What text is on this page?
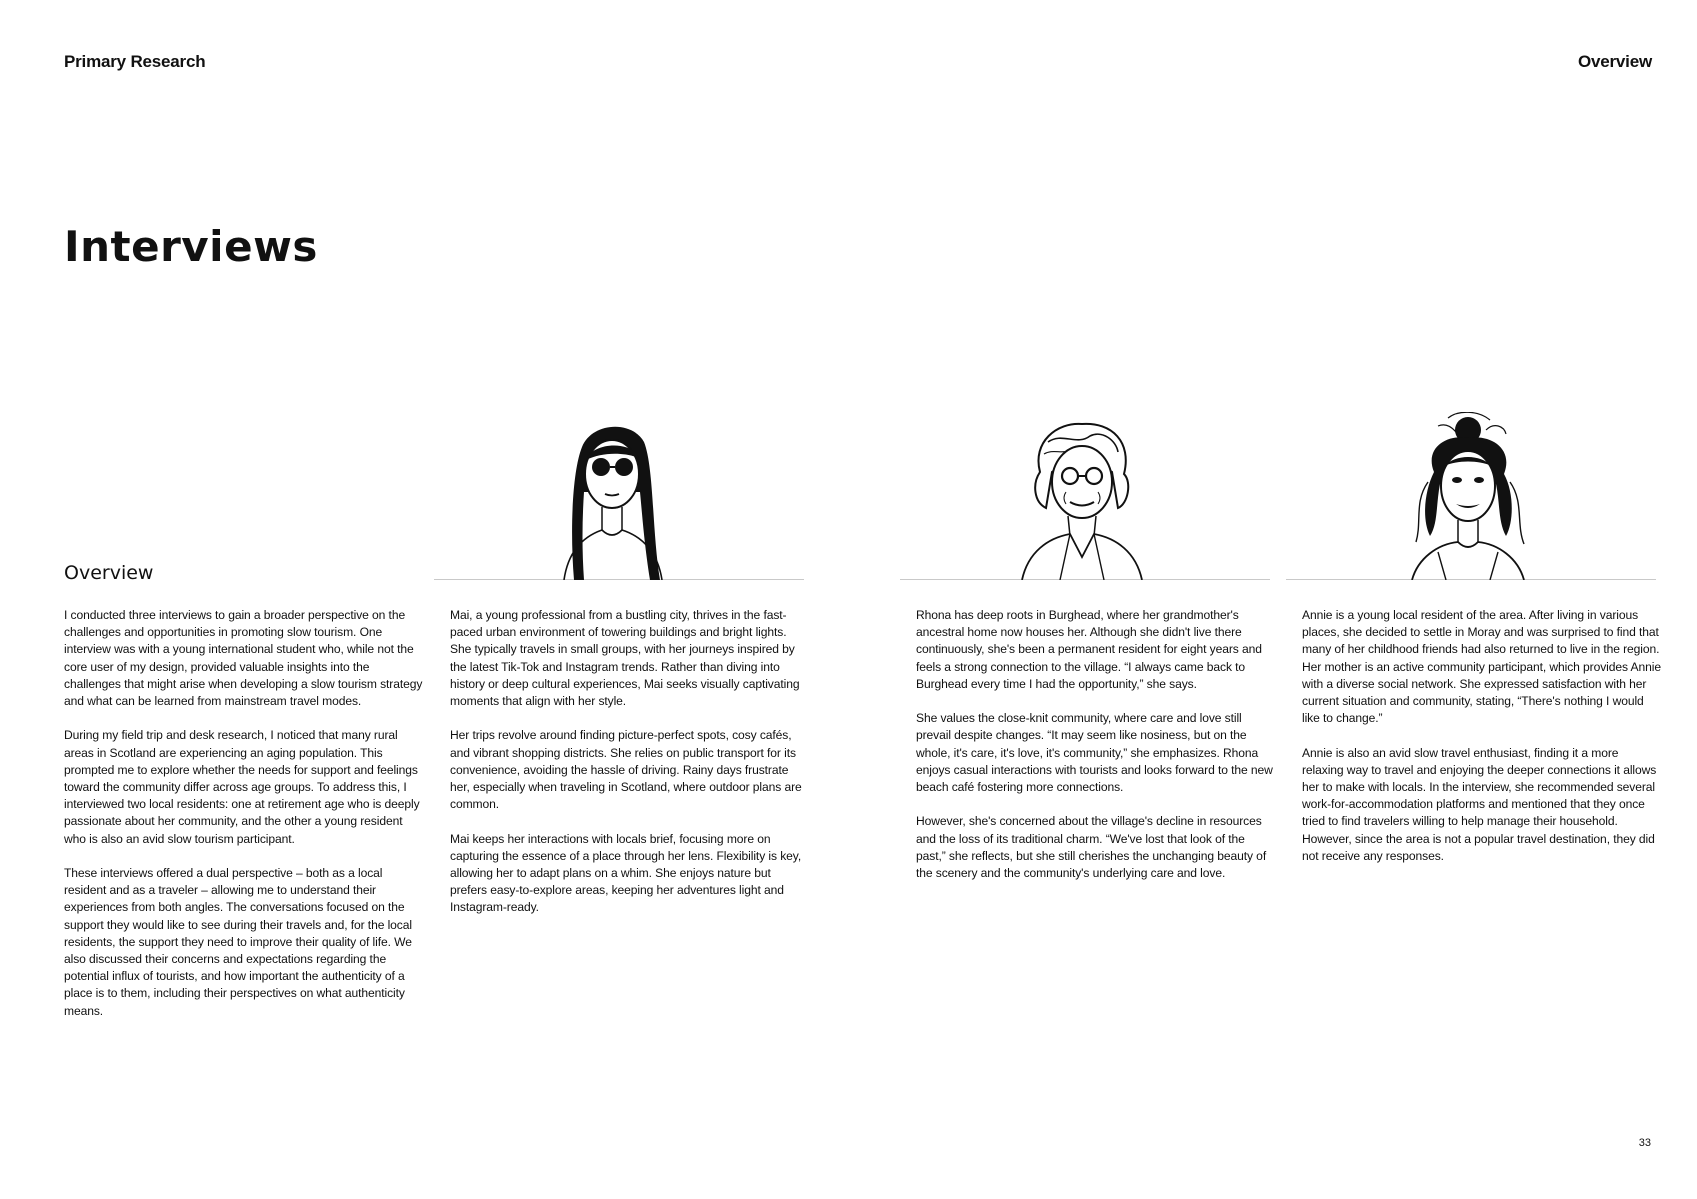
Primary Research	Overview
Interviews
Overview

I conducted three interviews to gain a broader perspective on the challenges and opportunities in promoting slow tourism. One interview was with a young international student who, while not the core user of my design, provided valuable insights into the challenges that might arise when developing a slow tourism strategy and what can be learned from mainstream travel modes.

During my field trip and desk research, I noticed that many rural areas in Scotland are experiencing an aging population. This prompted me to explore whether the needs for support and feelings toward the community differ across age groups. To address this, I interviewed two local residents: one at retirement age who is deeply passionate about her community, and the other a young resident who is also an avid slow tourism participant.

These interviews offered a dual perspective – both as a local resident and as a traveler – allowing me to understand their experiences from both angles. The conversations focused on the support they would like to see during their travels and, for the local residents, the support they need to improve their quality of life. We also discussed their concerns and expectations regarding the potential influx of tourists, and how important the authenticity of a place is to them, including their perspectives on what authenticity means.

Mai, a young professional from a bustling city, thrives in the fast-paced urban environment of towering buildings and bright lights. She typically travels in small groups, with her journeys inspired by the latest Tik-Tok and Instagram trends. Rather than diving into history or deep cultural experiences, Mai seeks visually captivating moments that align with her style.

Her trips revolve around finding picture-perfect spots, cosy cafés, and vibrant shopping districts. She relies on public transport for its convenience, avoiding the hassle of driving. Rainy days frustrate her, especially when traveling in Scotland, where outdoor plans are common.

Mai keeps her interactions with locals brief, focusing more on capturing the essence of a place through her lens. Flexibility is key, allowing her to adapt plans on a whim. She enjoys nature but prefers easy-to-explore areas, keeping her adventures light and Instagram-ready.

Rhona has deep roots in Burghead, where her grandmother's ancestral home now houses her. Although she didn't live there continuously, she's been a permanent resident for eight years and feels a strong connection to the village. “I always came back to Burghead every time I had the opportunity,” she says.

She values the close-knit community, where care and love still prevail despite changes. “It may seem like nosiness, but on the whole, it's care, it's love, it's community,” she emphasizes. Rhona enjoys casual interactions with tourists and looks forward to the new beach café fostering more connections.

However, she's concerned about the village's decline in resources and the loss of its traditional charm. “We've lost that look of the past,” she reflects, but she still cherishes the unchanging beauty of the scenery and the community's underlying care and love.

Annie is a young local resident of the area. After living in various places, she decided to settle in Moray and was surprised to find that many of her childhood friends had also returned to live in the region. Her mother is an active community participant, which provides Annie with a diverse social network. She expressed satisfaction with her current situation and community, stating, “There's nothing I would like to change.”

Annie is also an avid slow travel enthusiast, finding it a more relaxing way to travel and enjoying the deeper connections it allows her to make with locals. In the interview, she recommended several work-for-accommodation platforms and mentioned that they once tried to find travelers willing to help manage their household. However, since the area is not a popular travel destination, they did not receive any responses.

33
